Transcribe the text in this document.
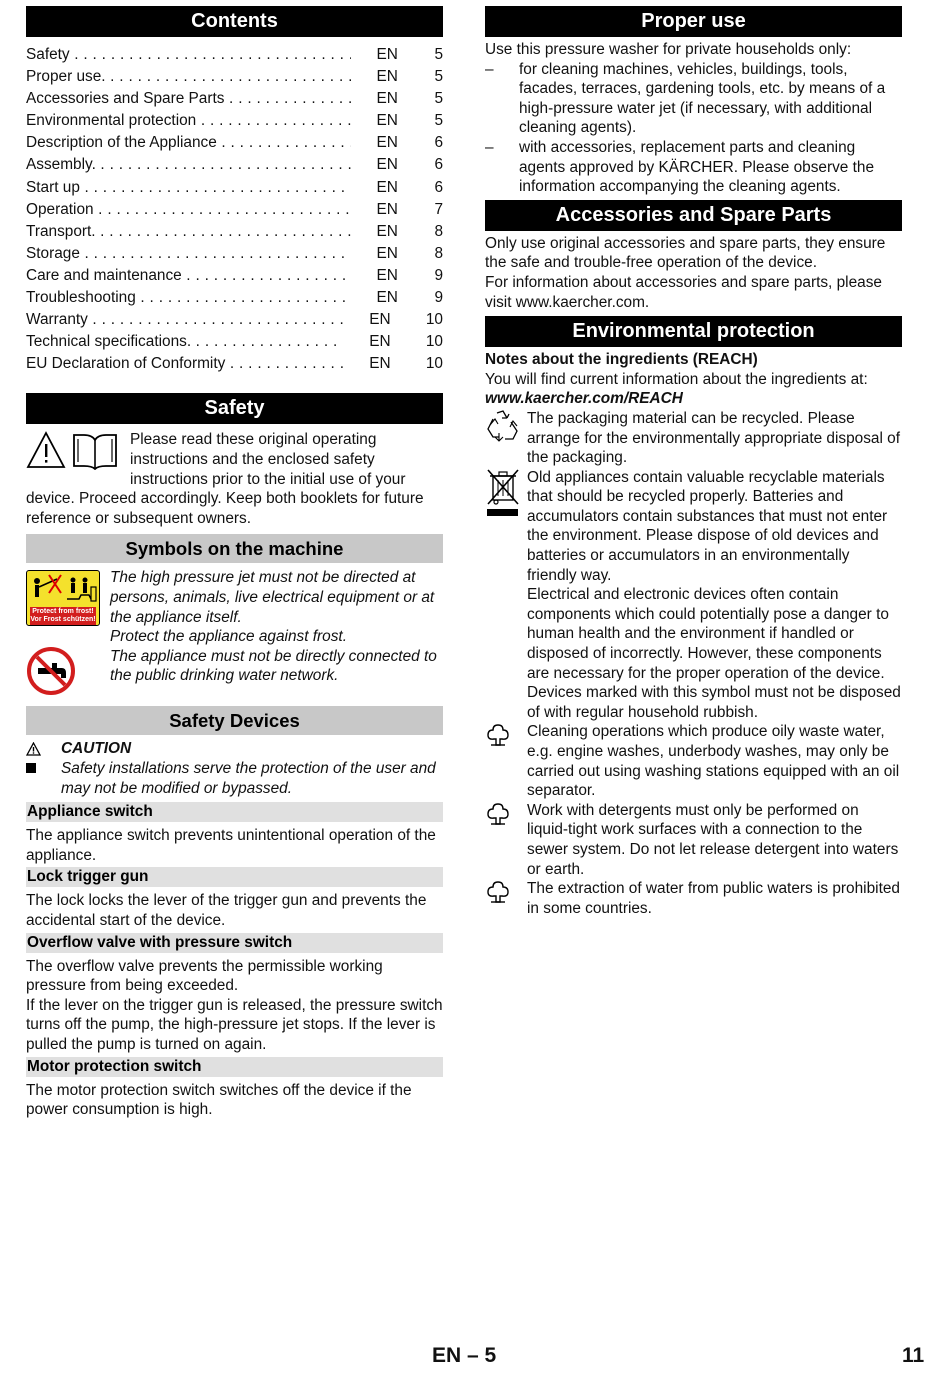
Contents
Safety . . .	EN	5
Proper use. . . .	EN	5
Accessories and Spare Parts . . .	EN	5
Environmental protection . . .	EN	5
Description of the Appliance . . .	EN	6
Assembly. . . .	EN	6
Start up . . .	EN	6
Operation . . .	EN	7
Transport. . . .	EN	8
Storage . . .	EN	8
Care and maintenance . . .	EN	9
Troubleshooting . . .	EN	9
Warranty . . .	EN	10
Technical specifications. . . .	EN	10
EU Declaration of Conformity . . .	EN	10
Safety

Please read these original operating instructions and the enclosed safety instructions prior to the initial use of your device. Proceed accordingly. Keep both booklets for future reference or subsequent owners.

Symbols on the machine
Protect from frost!
Vor Frost schützen!

The high pressure jet must not be directed at persons, animals, live electrical equipment or at the appliance itself.

Protect the appliance against frost.

The appliance must not be directly connected to the public drinking water network.

Safety Devices

CAUTION

Safety installations serve the protection of the user and may not be modified or bypassed.

Appliance switch

The appliance switch prevents unintentional operation of the appliance.

Lock trigger gun

The lock locks the lever of the trigger gun and prevents the accidental start of the device.

Overflow valve with pressure switch

The overflow valve prevents the permissible working pressure from being exceeded.
If the lever on the trigger gun is released, the pressure switch turns off the pump, the high-pressure jet stops. If the lever is pulled the pump is turned on again.

Motor protection switch

The motor protection switch switches off the device if the power consumption is high.

Proper use

Use this pressure washer for private households only:

–	for cleaning machines, vehicles, buildings, tools, facades, terraces, gardening tools, etc. by means of a high-pressure water jet (if necessary, with additional cleaning agents).

–	with accessories, replacement parts and cleaning agents approved by KÄRCHER. Please observe the information accompanying the cleaning agents.

Accessories and Spare Parts

Only use original accessories and spare parts, they ensure the safe and trouble-free operation of the device.
For information about accessories and spare parts, please visit www.kaercher.com.

Environmental protection

Notes about the ingredients (REACH)

You will find current information about the ingredients at:

www.kaercher.com/REACH

The packaging material can be recycled. Please arrange for the environmentally appropriate disposal of the packaging.

Old appliances contain valuable recyclable materials that should be recycled properly. Batteries and accumulators contain substances that must not enter the environment. Please dispose of old devices and batteries or accumulators in an environmentally friendly way.

Electrical and electronic devices often contain components which could potentially pose a danger to human health and the environment if handled or disposed of incorrectly. However, these components are necessary for the proper operation of the device. Devices marked with this symbol must not be disposed of with regular household rubbish.

Cleaning operations which produce oily waste water, e.g. engine washes, underbody washes, may only be carried out using washing stations equipped with an oil separator.

Work with detergents must only be performed on liquid-tight work surfaces with a connection to the sewer system. Do not let release detergent into waters or earth.

The extraction of water from public waters is prohibited in some countries.

EN – 5	11
